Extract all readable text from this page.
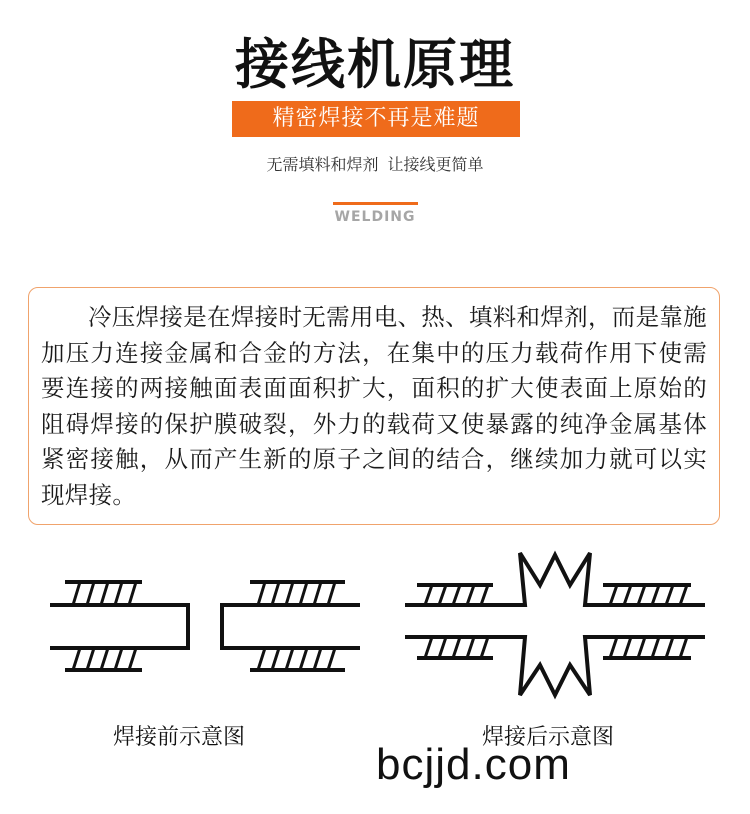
接线机原理
精密焊接不再是难题
无需填料和焊剂 让接线更简单
WELDING

冷压焊接是在焊接时无需用电、热、填料和焊剂，而是靠施加压力连接金属和合金的方法，在集中的压力载荷作用下使需要连接的两接触面表面面积扩大，面积的扩大使表面上原始的阻碍焊接的保护膜破裂，外力的载荷又使暴露的纯净金属基体紧密接触，从而产生新的原子之间的结合，继续加力就可以实现焊接。

焊接前示意图	焊接后示意图
bcjjd.com
